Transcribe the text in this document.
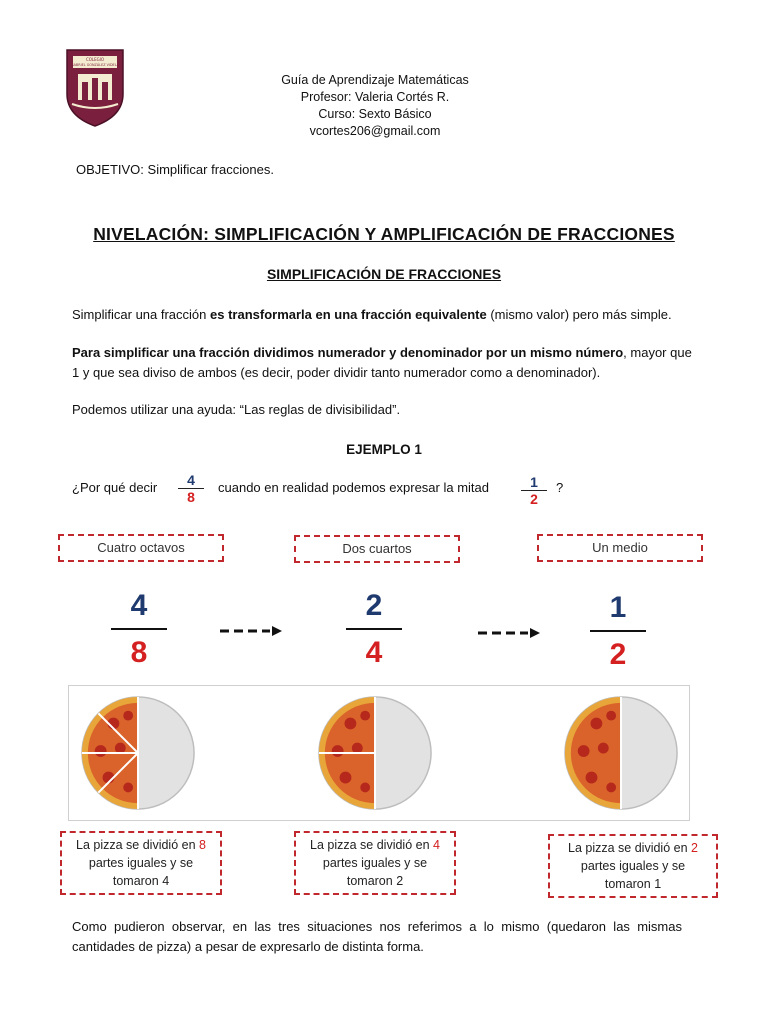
COLEGIO
GABRIEL GONZÁLEZ VIDELA
Guía de Aprendizaje Matemáticas
Profesor: Valeria Cortés R.
Curso: Sexto Básico
vcortes206@gmail.com
OBJETIVO: Simplificar fracciones.
NIVELACIÓN: SIMPLIFICACIÓN Y AMPLIFICACIÓN DE FRACCIONES
SIMPLIFICACIÓN DE FRACCIONES
Simplificar una fracción es transformarla en una fracción equivalente (mismo valor) pero más simple.
Para simplificar una fracción dividimos numerador y denominador por un mismo número, mayor que 1 y que sea diviso de ambos (es decir, poder dividir tanto numerador como a denominador).
Podemos utilizar una ayuda: “Las reglas de divisibilidad”.
EJEMPLO 1
¿Por qué decir	4
8
cuando en realidad podemos expresar la mitad	1
2
?
Cuatro octavos	Dos cuartos	Un medio
4
8
2
4
1
2
La pizza se dividió en 8
partes iguales y se
tomaron 4
La pizza se dividió en 4
partes iguales y se
tomaron 2
La pizza se dividió en 2
partes iguales y se
tomaron 1
Como pudieron observar, en las tres situaciones nos referimos a lo mismo (quedaron las mismas cantidades de pizza) a pesar de expresarlo de distinta forma.
